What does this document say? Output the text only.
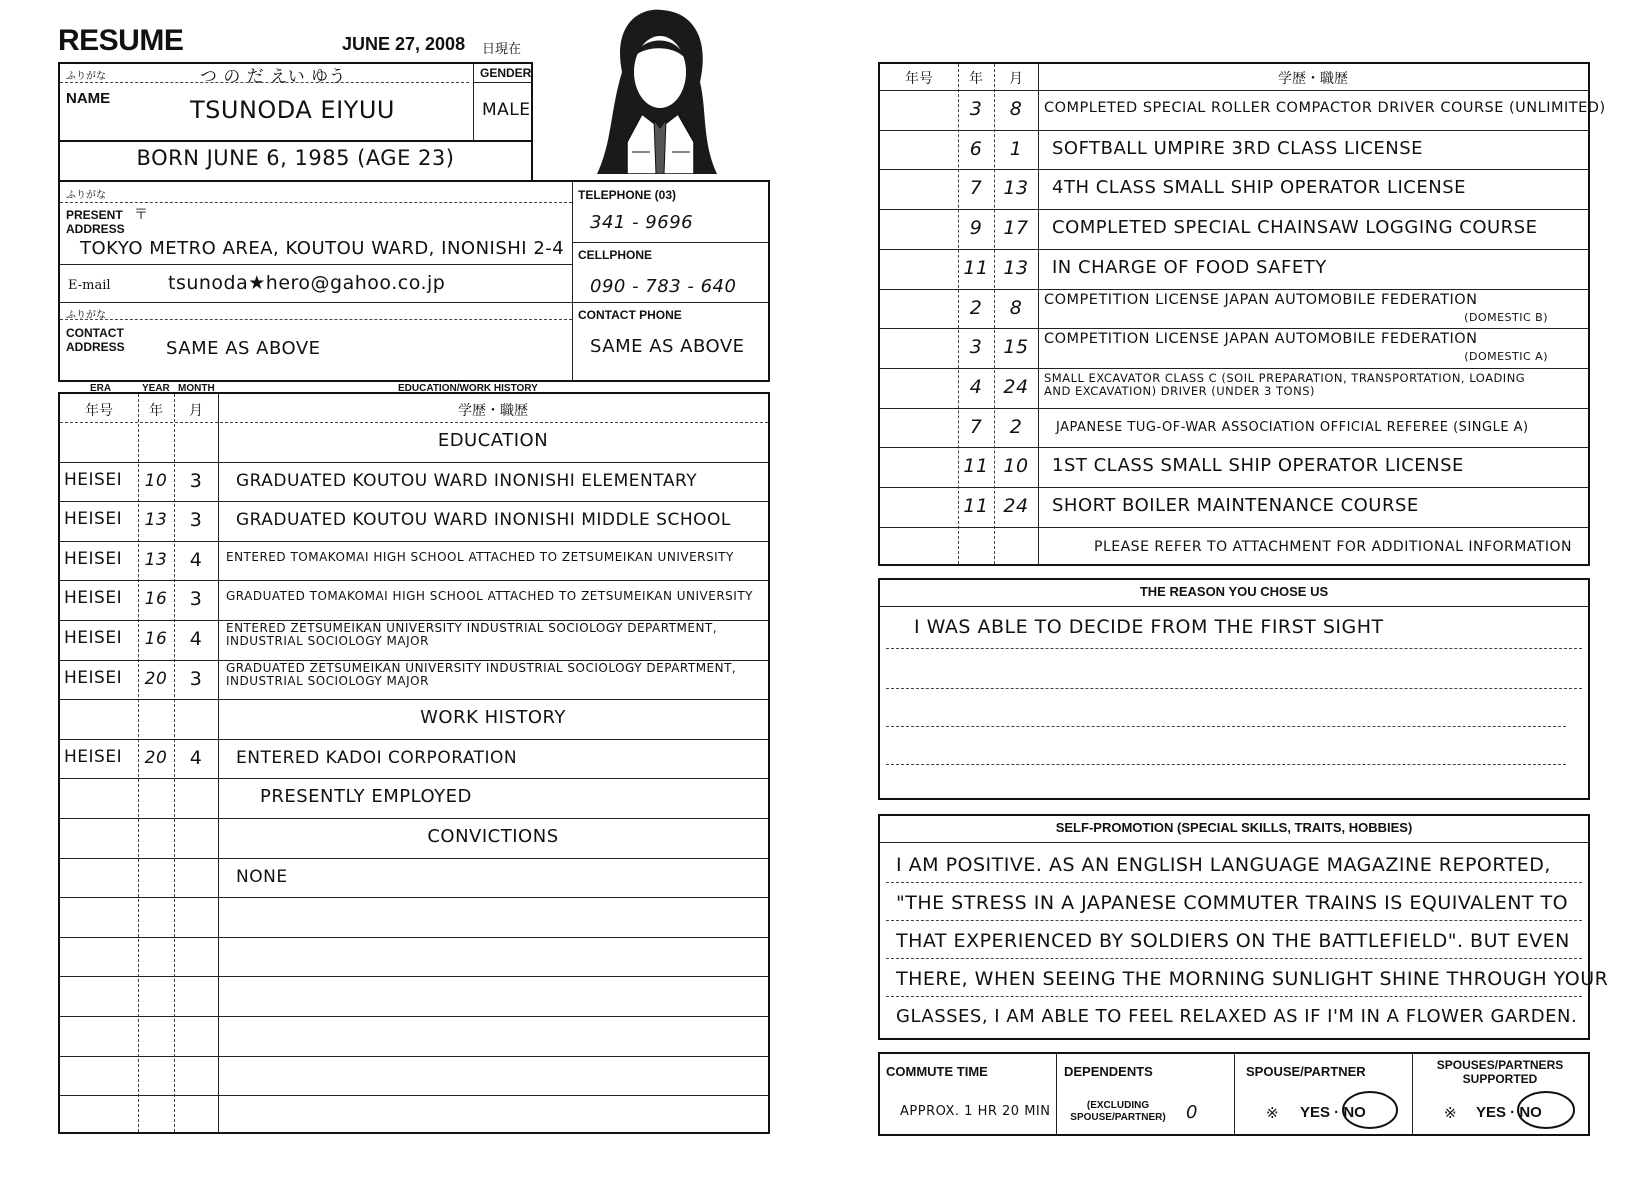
RESUME	JUNE 27, 2008 日現在
ふりがな	つ の だ えい ゆう	GENDER
NAME	TSUNODA EIYUU	MALE
BORN JUNE 6, 1985 (AGE 23)
ふりがな
PRESENT
ADDRESS
〒
TOKYO METRO AREA, KOUTOU WARD, INONISHI 2-4
E-mail	tsunoda★hero@gahoo.co.jp
ふりがな
CONTACT
ADDRESS SAME AS ABOVE
TELEPHONE (03)
341 - 9696
CELLPHONE
090 - 783 - 640
CONTACT PHONE
SAME AS ABOVE
ERA	YEAR MONTH	EDUCATION/WORK HISTORY
年号	年	月	学歴・職歴
EDUCATION
HEISEI	10	3	GRADUATED KOUTOU WARD INONISHI ELEMENTARY
HEISEI	13	3	GRADUATED KOUTOU WARD INONISHI MIDDLE SCHOOL
HEISEI	13	4	ENTERED TOMAKOMAI HIGH SCHOOL ATTACHED TO ZETSUMEIKAN UNIVERSITY
HEISEI	16	3	GRADUATED TOMAKOMAI HIGH SCHOOL ATTACHED TO ZETSUMEIKAN UNIVERSITY
HEISEI	16	4	ENTERED ZETSUMEIKAN UNIVERSITY INDUSTRIAL SOCIOLOGY DEPARTMENT, INDUSTRIAL SOCIOLOGY MAJOR
HEISEI	20	3	GRADUATED ZETSUMEIKAN UNIVERSITY INDUSTRIAL SOCIOLOGY DEPARTMENT, INDUSTRIAL SOCIOLOGY MAJOR
WORK HISTORY
HEISEI	20	4	ENTERED KADOI CORPORATION
PRESENTLY EMPLOYED
CONVICTIONS
NONE
年号	年	月	学歴・職歴
3	8	COMPLETED SPECIAL ROLLER COMPACTOR DRIVER COURSE (UNLIMITED)
6	1	SOFTBALL UMPIRE 3RD CLASS LICENSE
7	13	4TH CLASS SMALL SHIP OPERATOR LICENSE
9	17	COMPLETED SPECIAL CHAINSAW LOGGING COURSE
11 13	IN CHARGE OF FOOD SAFETY
2	8	COMPETITION LICENSE JAPAN AUTOMOBILE FEDERATION
(DOMESTIC B)
3	15	COMPETITION LICENSE JAPAN AUTOMOBILE FEDERATION
(DOMESTIC A)
4	24	SMALL EXCAVATOR CLASS C (SOIL PREPARATION, TRANSPORTATION, LOADING AND EXCAVATION) DRIVER (UNDER 3 TONS)
7	2	JAPANESE TUG-OF-WAR ASSOCIATION OFFICIAL REFEREE (SINGLE A)
11 10	1ST CLASS SMALL SHIP OPERATOR LICENSE
11 24	SHORT BOILER MAINTENANCE COURSE
PLEASE REFER TO ATTACHMENT FOR ADDITIONAL INFORMATION
THE REASON YOU CHOSE US
I WAS ABLE TO DECIDE FROM THE FIRST SIGHT
SELF-PROMOTION (SPECIAL SKILLS, TRAITS, HOBBIES)
I AM POSITIVE. AS AN ENGLISH LANGUAGE MAGAZINE REPORTED,
"THE STRESS IN A JAPANESE COMMUTER TRAINS IS EQUIVALENT TO
THAT EXPERIENCED BY SOLDIERS ON THE BATTLEFIELD". BUT EVEN
THERE, WHEN SEEING THE MORNING SUNLIGHT SHINE THROUGH YOUR
GLASSES, I AM ABLE TO FEEL RELAXED AS IF I'M IN A FLOWER GARDEN.
COMMUTE TIME
APPROX. 1 HR 20 MIN
DEPENDENTS
(EXCLUDING SPOUSE/PARTNER)	0
SPOUSE/PARTNER
※ YES · NO
SPOUSES/PARTNERS SUPPORTED
※ YES · NO
